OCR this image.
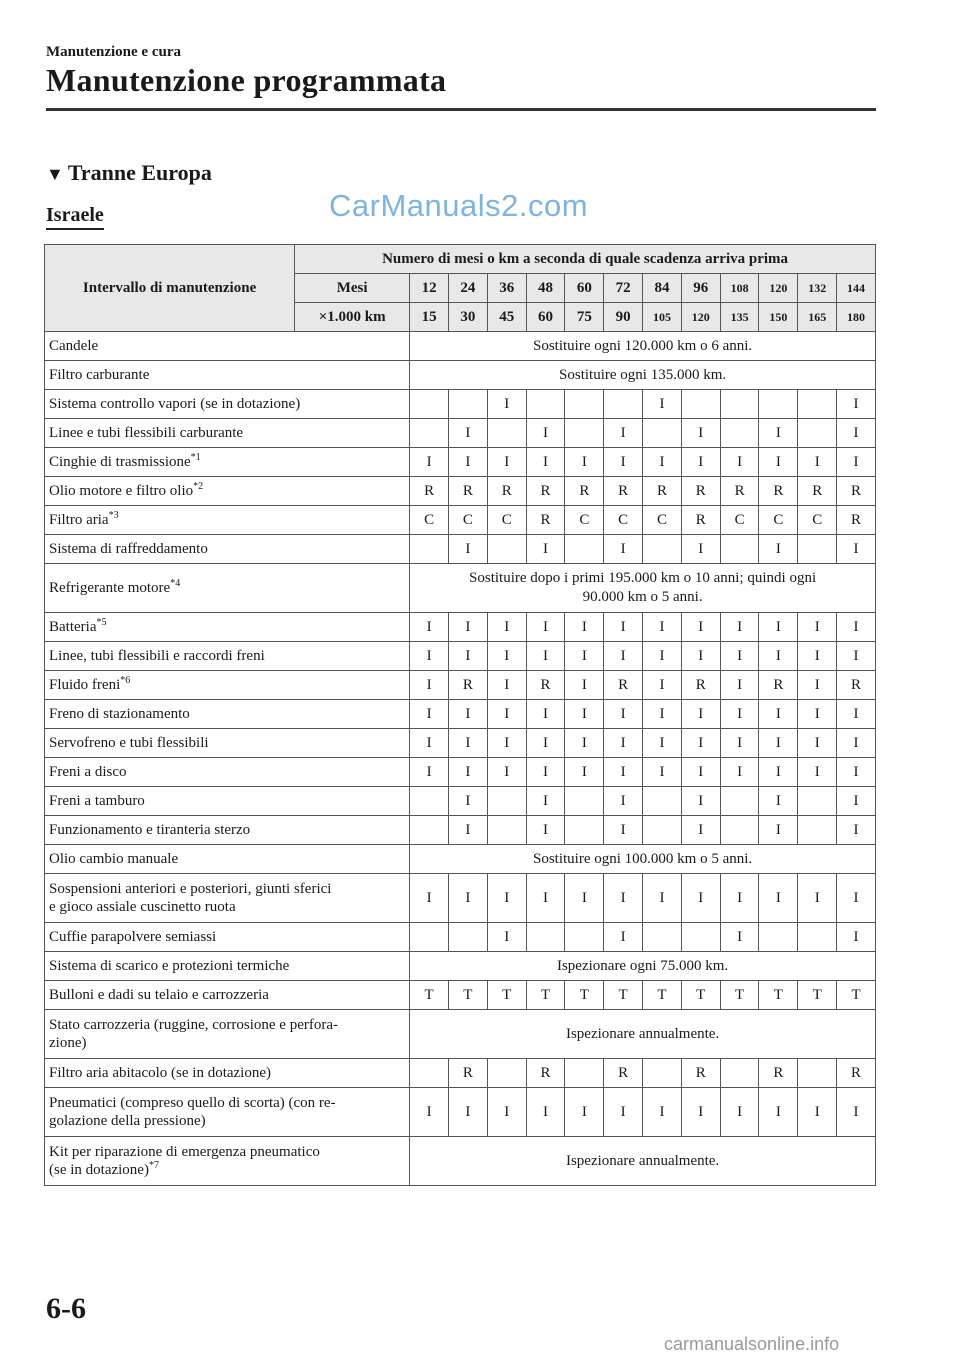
Manutenzione e cura
Manutenzione programmata
▼ Tranne Europa
Israele	CarManuals2.com
Intervallo di manutenzione	Numero di mesi o km a seconda di quale scadenza arriva prima												
	Mesi	12	24	36	48	60	72	84	96	108	120	132	144
	×1.000 km	15	30	45	60	75	90	105	120	135	150	165	180
Candele		Sostituire ogni 120.000 km o 6 anni.											
Filtro carburante		Sostituire ogni 135.000 km.											
Sistema controllo vapori (se in dotazione)				I				I					I
Linee e tubi flessibili carburante			I		I		I		I		I		I
Cinghie di trasmissione$^{*1}$		I	I	I	I	I	I	I	I	I	I	I	I
Olio motore e filtro olio$^{*2}$		R	R	R	R	R	R	R	R	R	R	R	R
Filtro aria$^{*3}$		C	C	C	R	C	C	C	R	C	C	C	R
Sistema di raffreddamento			I		I		I		I		I		I
Refrigerante motore$^{*4}$		Sostituire dopo i primi 195.000 km o 10 anni; quindi ogni
90.000 km o 5 anni.											
Batteria$^{*5}$		I	I	I	I	I	I	I	I	I	I	I	I
Linee, tubi flessibili e raccordi freni		I	I	I	I	I	I	I	I	I	I	I	I
Fluido freni$^{*6}$		I	R	I	R	I	R	I	R	I	R	I	R
Freno di stazionamento		I	I	I	I	I	I	I	I	I	I	I	I
Servofreno e tubi flessibili		I	I	I	I	I	I	I	I	I	I	I	I
Freni a disco		I	I	I	I	I	I	I	I	I	I	I	I
Freni a tamburo			I		I		I		I		I		I
Funzionamento e tiranteria sterzo			I		I		I		I		I		I
Olio cambio manuale		Sostituire ogni 100.000 km o 5 anni.											
Sospensioni anteriori e posteriori, giunti sferici
e gioco assiale cuscinetto ruota		I	I	I	I	I	I	I	I	I	I	I	I
Cuffie parapolvere semiassi				I			I			I			I
Sistema di scarico e protezioni termiche		Ispezionare ogni 75.000 km.											
Bulloni e dadi su telaio e carrozzeria		T	T	T	T	T	T	T	T	T	T	T	T
Stato carrozzeria (ruggine, corrosione e perfora-
zione)		Ispezionare annualmente.											
Filtro aria abitacolo (se in dotazione)			R		R		R		R		R		R
Pneumatici (compreso quello di scorta) (con re-
golazione della pressione)		I	I	I	I	I	I	I	I	I	I	I	I
Kit per riparazione di emergenza pneumatico
(se in dotazione)$^{*7}$		Ispezionare annualmente.											
6-6
carmanualsonline.info
